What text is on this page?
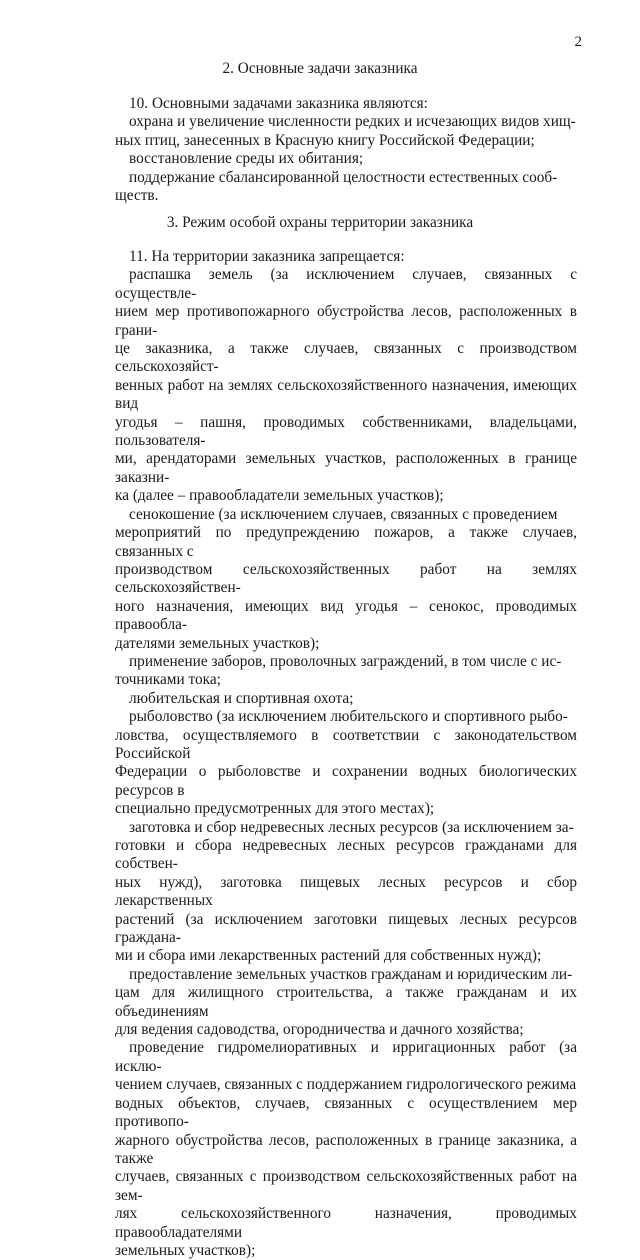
2
2. Основные задачи заказника

10. Основными задачами заказника являются:

охрана и увеличение численности редких и исчезающих видов хищ-
ных птиц, занесенных в Красную книгу Российской Федерации;

восстановление среды их обитания;

поддержание сбалансированной целостности естественных сооб-
ществ.

3. Режим особой охраны территории заказника

11. На территории заказника запрещается:

распашка земель (за исключением случаев, связанных с осуществле-
нием мер противопожарного обустройства лесов, расположенных в грани-
це заказника, а также случаев, связанных с производством сельскохозяйст-
венных работ на землях сельскохозяйственного назначения, имеющих вид
угодья – пашня, проводимых собственниками, владельцами, пользователя-
ми, арендаторами земельных участков, расположенных в границе заказни-
ка (далее – правообладатели земельных участков);

сенокошение (за исключением случаев, связанных с проведением
мероприятий по предупреждению пожаров, а также случаев, связанных с
производством сельскохозяйственных работ на землях сельскохозяйствен-
ного назначения, имеющих вид угодья – сенокос, проводимых правообла-
дателями земельных участков);

применение заборов, проволочных заграждений, в том числе с ис-
точниками тока;

любительская и спортивная охота;

рыболовство (за исключением любительского и спортивного рыбо-
ловства, осуществляемого в соответствии с законодательством Российской
Федерации о рыболовстве и сохранении водных биологических ресурсов в
специально предусмотренных для этого местах);

заготовка и сбор недревесных лесных ресурсов (за исключением за-
готовки и сбора недревесных лесных ресурсов гражданами для собствен-
ных нужд), заготовка пищевых лесных ресурсов и сбор лекарственных
растений (за исключением заготовки пищевых лесных ресурсов граждана-
ми и сбора ими лекарственных растений для собственных нужд);

предоставление земельных участков гражданам и юридическим ли-
цам для жилищного строительства, а также гражданам и их объединениям
для ведения садоводства, огородничества и дачного хозяйства;

проведение гидромелиоративных и ирригационных работ (за исклю-
чением случаев, связанных с поддержанием гидрологического режима
водных объектов, случаев, связанных с осуществлением мер противопо-
жарного обустройства лесов, расположенных в границе заказника, а также
случаев, связанных с производством сельскохозяйственных работ на зем-
лях сельскохозяйственного назначения, проводимых правообладателями
земельных участков);
